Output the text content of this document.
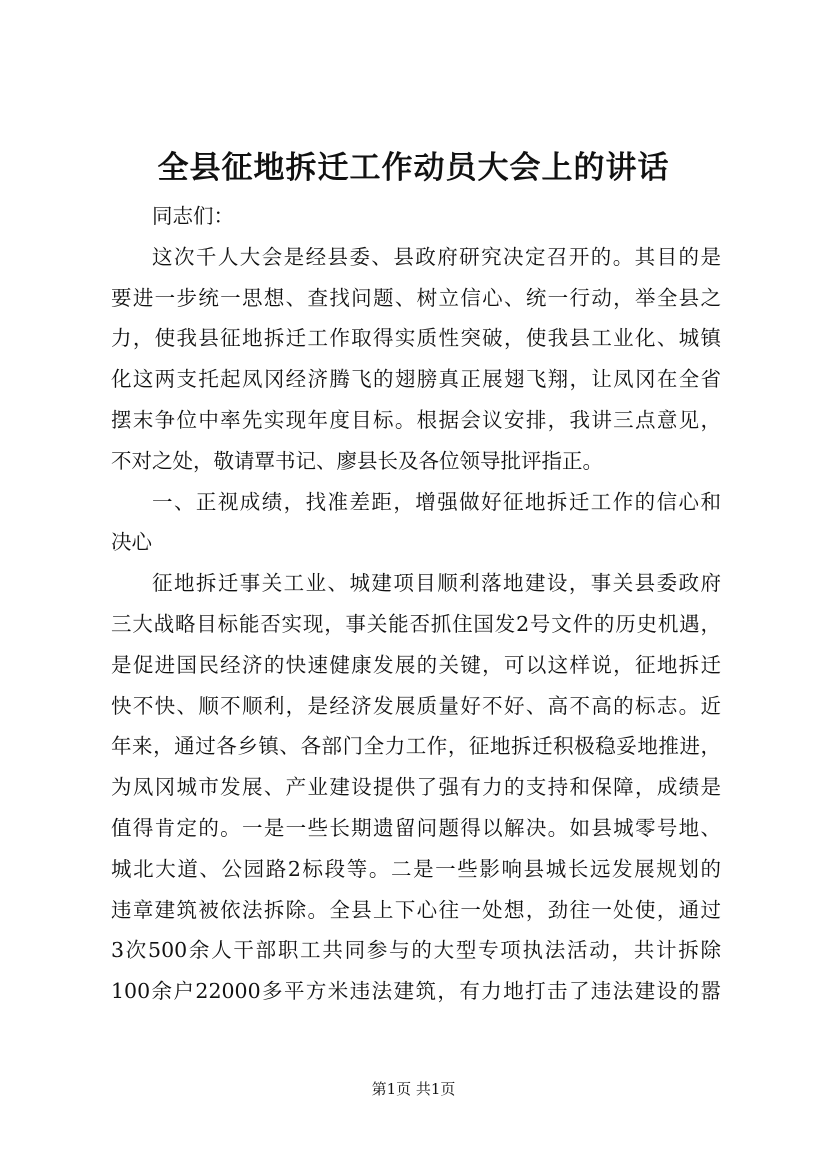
全县征地拆迁工作动员大会上的讲话
同志们：
这次千人大会是经县委、县政府研究决定召开的。其目的是
要进一步统一思想、查找问题、树立信心、统一行动，举全县之
力，使我县征地拆迁工作取得实质性突破，使我县工业化、城镇
化这两支托起凤冈经济腾飞的翅膀真正展翅飞翔，让凤冈在全省
摆末争位中率先实现年度目标。根据会议安排，我讲三点意见，
不对之处，敬请覃书记、廖县长及各位领导批评指正。
一、正视成绩，找准差距，增强做好征地拆迁工作的信心和
决心
征地拆迁事关工业、城建项目顺利落地建设，事关县委政府
三大战略目标能否实现，事关能否抓住国发2号文件的历史机遇，
是促进国民经济的快速健康发展的关键，可以这样说，征地拆迁
快不快、顺不顺利，是经济发展质量好不好、高不高的标志。近
年来，通过各乡镇、各部门全力工作，征地拆迁积极稳妥地推进，
为凤冈城市发展、产业建设提供了强有力的支持和保障，成绩是
值得肯定的。一是一些长期遗留问题得以解决。如县城零号地、
城北大道、公园路2标段等。二是一些影响县城长远发展规划的
违章建筑被依法拆除。全县上下心往一处想，劲往一处使，通过
3次500余人干部职工共同参与的大型专项执法活动，共计拆除
100余户22000多平方米违法建筑，有力地打击了违法建设的嚣
第1页 共1页
